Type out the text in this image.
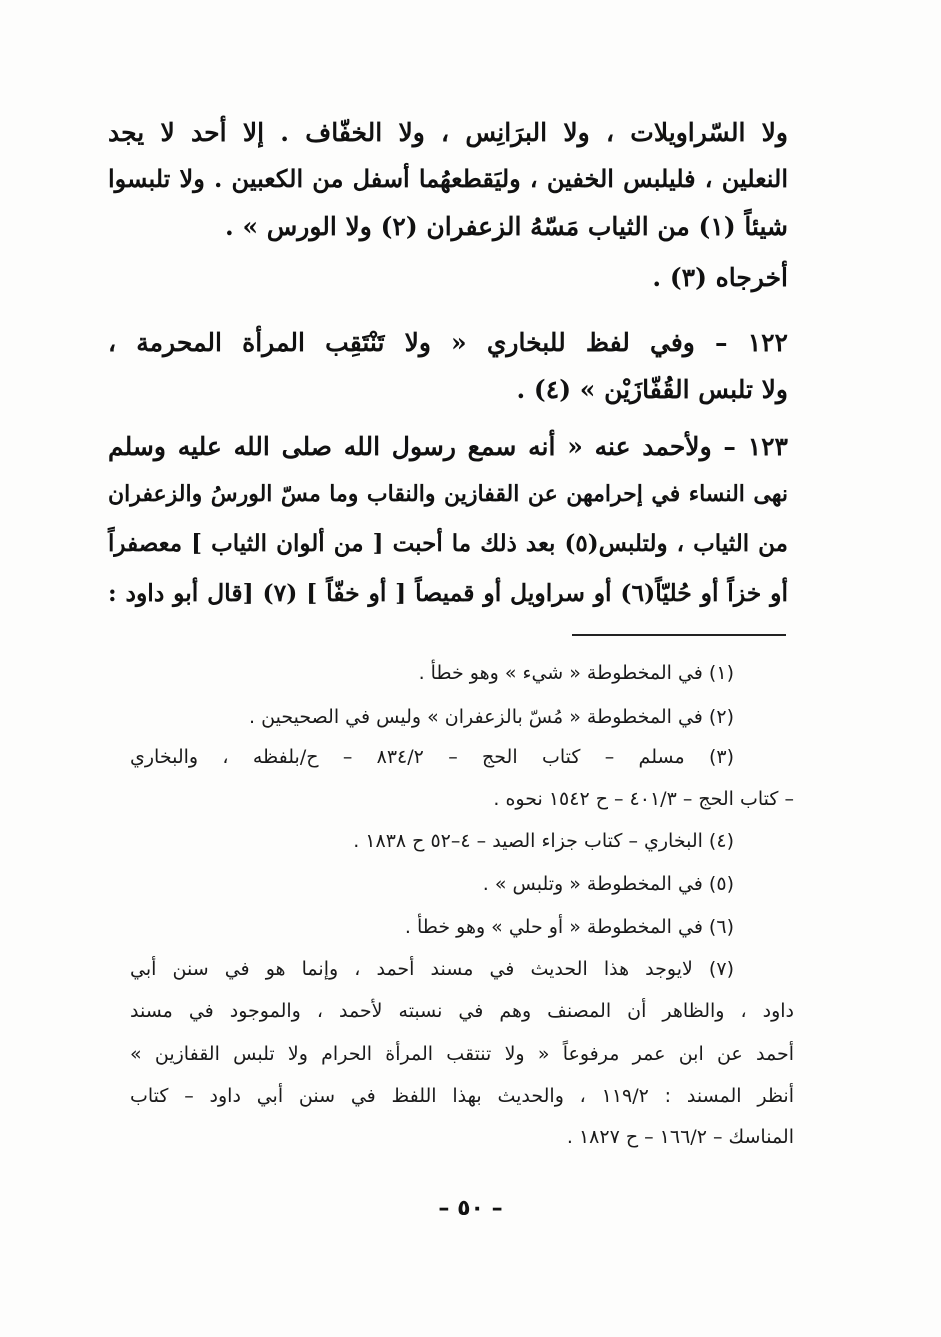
ولا السّراويلات ، ولا البرَانِس ، ولا الخفّاف . إلا أحد لا يجد
النعلين ، فليلبس الخفين ، وليَقطعهُما أسفل من الكعبين . ولا تلبسوا
شيئاً (١) من الثياب مَسّهُ الزعفران (٢) ولا الورس » .
أخرجاه (٣) .
١٢٢ – وفي لفظ للبخاري « ولا تَنْتَقِب المرأة المحرمة ،
ولا تلبس القُفّازَيْن » (٤) .
١٢٣ – ولأحمد عنه « أنه سمع رسول الله صلى الله عليه وسلم
نهى النساء في إحرامهن عن القفازين والنقاب وما مسّ الورسُ والزعفران
من الثياب ، ولتلبس(٥) بعد ذلك ما أحبت [ من ألوان الثياب ] معصفراً
أو خزاً أو حُليّاً(٦) أو سراويل أو قميصاً [ أو خفّاً ] (٧) [قال أبو داود :
(١) في المخطوطة « شيء » وهو خطأ .
(٢) في المخطوطة « مُسّ بالزعفران » وليس في الصحيحين .
(٣) مسلم – كتاب الحج – ٨٣٤/٢ – ح/بلفظه ، والبخاري
– كتاب الحج – ٤٠١/٣ – ح ١٥٤٢ نحوه .
(٤) البخاري – كتاب جزاء الصيد – ٤–٥٢ ح ١٨٣٨ .
(٥) في المخطوطة « وتلبس » .
(٦) في المخطوطة « أو حلي » وهو خطأ .
(٧) لايوجد هذا الحديث في مسند أحمد ، وإنما هو في سنن أبي
داود ، والظاهر أن المصنف وهم في نسبته لأحمد ، والموجود في مسند
أحمد عن ابن عمر مرفوعاً « ولا تنتقب المرأة الحرام ولا تلبس القفازين »
أنظر المسند : ١١٩/٢ ، والحديث بهذا اللفظ في سنن أبي داود – كتاب
المناسك – ١٦٦/٢ – ح ١٨٢٧ .
– ٥٠ –
